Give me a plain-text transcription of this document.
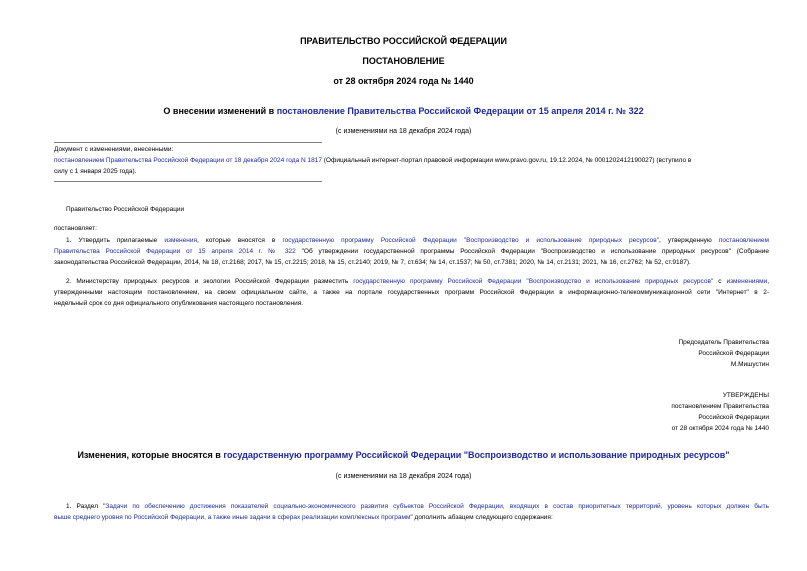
ПРАВИТЕЛЬСТВО РОССИЙСКОЙ ФЕДЕРАЦИИ
ПОСТАНОВЛЕНИЕ
от 28 октября 2024 года № 1440
О внесении изменений в постановление Правительства Российской Федерации от 15 апреля 2014 г. № 322
(с изменениями на 18 декабря 2024 года)
Документ с изменениями, внесенными:
постановлением Правительства Российской Федерации от 18 декабря 2024 года N 1817 (Официальный интернет-портал правовой информации www.pravo.gov.ru, 19.12.2024, № 0001202412190027) (вступило в
силу с 1 января 2025 года).
Правительство Российской Федерации
постановляет:
1. Утвердить прилагаемые изменения, которые вносятся в государственную программу Российской Федерации "Воспроизводство и использование природных ресурсов", утвержденную постановлением
Правительства Российской Федерации от 15 апреля 2014 г. № 322 "Об утверждении государственной программы Российской Федерации "Воспроизводство и использование природных ресурсов" (Собрание
законодательства Российской Федерации, 2014, № 18, ст.2168; 2017, № 15, ст.2215; 2018, № 15, ст.2140; 2019, № 7, ст.634; № 14, ст.1537; № 50, ст.7381; 2020, № 14, ст.2131; 2021, № 16, ст.2762; № 52, ст.9187).
2. Министерству природных ресурсов и экологии Российской Федерации разместить государственную программу Российской Федерации "Воспроизводство и использование природных ресурсов" с изменениями,
утвержденными настоящим постановлением, на своем официальном сайте, а также на портале государственных программ Российской Федерации в информационно-телекоммуникационной сети "Интернет" в 2-
недельный срок со дня официального опубликования настоящего постановления.
Председатель Правительства
Российской Федерации
М.Мишустин
УТВЕРЖДЕНЫ
постановлением Правительства
Российской Федерации
от 28 октября 2024 года № 1440
Изменения, которые вносятся в государственную программу Российской Федерации "Воспроизводство и использование природных ресурсов"
(с изменениями на 18 декабря 2024 года)
1. Раздел "Задачи по обеспечению достижения показателей социально-экономического развития субъектов Российской Федерации, входящих в состав приоритетных территорий, уровень которых должен быть
выше среднего уровня по Российской Федерации, а также иные задачи в сферах реализации комплексных программ" дополнить абзацем следующего содержания:
